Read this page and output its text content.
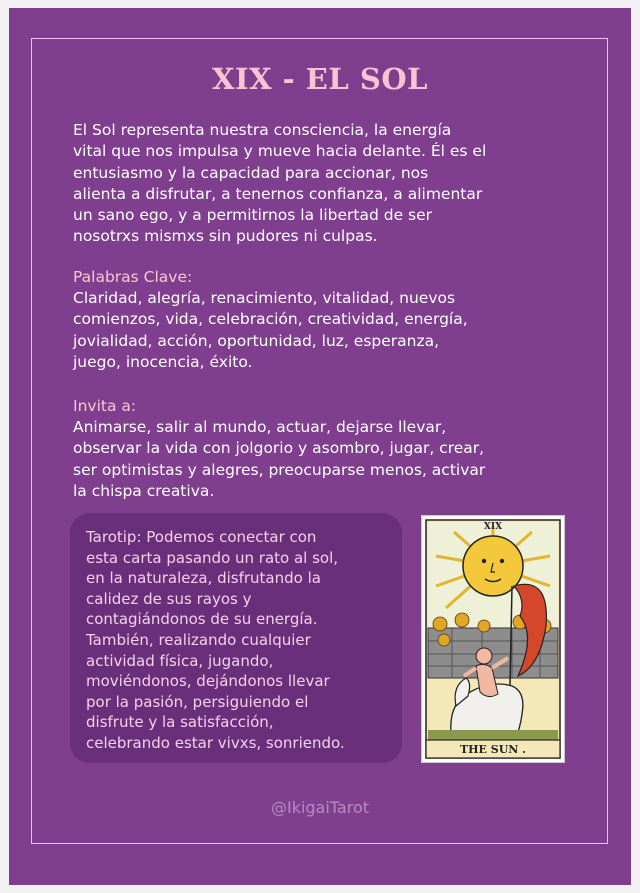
XIX - EL SOL
El Sol representa nuestra consciencia, la energía
vital que nos impulsa y mueve hacia delante. Él es el
entusiasmo y la capacidad para accionar, nos
alienta a disfrutar, a tenernos confianza, a alimentar
un sano ego, y a permitirnos la libertad de ser
nosotrxs mismxs sin pudores ni culpas.
Palabras Clave:
Claridad, alegría, renacimiento, vitalidad, nuevos
comienzos, vida, celebración, creatividad, energía,
jovialidad, acción, oportunidad, luz, esperanza,
juego, inocencia, éxito.
Invita a:
Animarse, salir al mundo, actuar, dejarse llevar,
observar la vida con jolgorio y asombro, jugar, crear,
ser optimistas y alegres, preocuparse menos, activar
la chispa creativa.
Tarotip: Podemos conectar con
esta carta pasando un rato al sol,
en la naturaleza, disfrutando la
calidez de sus rayos y
contagiándonos de su energía.
También, realizando cualquier
actividad física, jugando,
moviéndonos, dejándonos llevar
por la pasión, persiguiendo el
disfrute y la satisfacción,
celebrando estar vivxs, sonriendo.	THE SUN .
XIX
@IkigaiTarot
